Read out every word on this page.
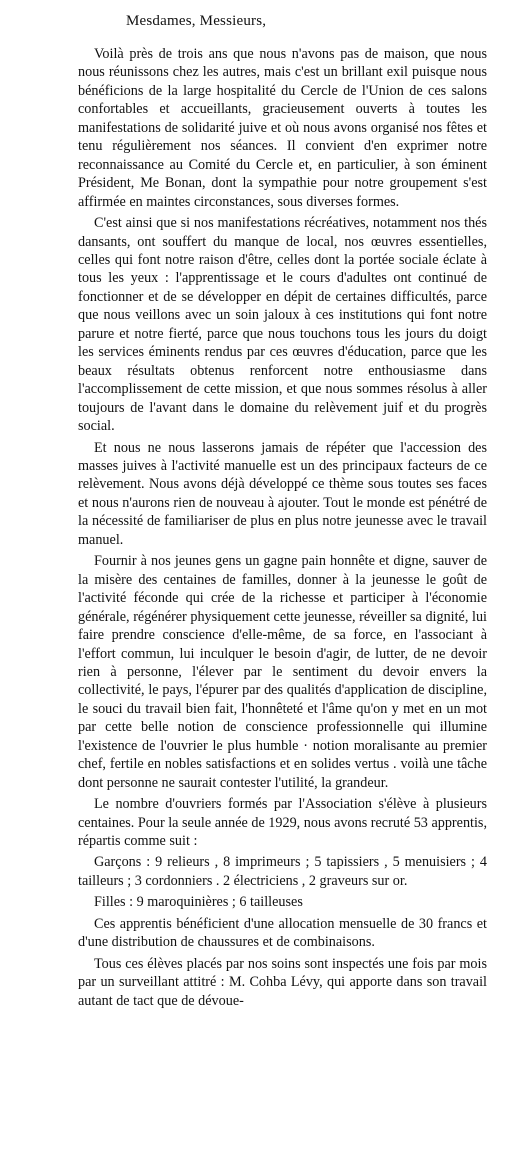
Mesdames, Messieurs,

Voilà près de trois ans que nous n'avons pas de maison, que nous nous réunissons chez les autres, mais c'est un brillant exil puisque nous bénéficions de la large hospitalité du Cercle de l'Union de ces salons confortables et accueillants, gracieusement ouverts à toutes les manifestations de solidarité juive et où nous avons organisé nos fêtes et tenu régulièrement nos séances. Il convient d'en exprimer notre reconnaissance au Comité du Cercle et, en particulier, à son éminent Président, Me Bonan, dont la sympathie pour notre groupement s'est affirmée en maintes circonstances, sous diverses formes.

C'est ainsi que si nos manifestations récréatives, notamment nos thés dansants, ont souffert du manque de local, nos œuvres essentielles, celles qui font notre raison d'être, celles dont la portée sociale éclate à tous les yeux : l'apprentissage et le cours d'adultes ont continué de fonctionner et de se développer en dépit de certaines difficultés, parce que nous veillons avec un soin jaloux à ces institutions qui font notre parure et notre fierté, parce que nous touchons tous les jours du doigt les services éminents rendus par ces œuvres d'éducation, parce que les beaux résultats obtenus renforcent notre enthousiasme dans l'accomplissement de cette mission, et que nous sommes résolus à aller toujours de l'avant dans le domaine du relèvement juif et du progrès social.

Et nous ne nous lasserons jamais de répéter que l'accession des masses juives à l'activité manuelle est un des principaux facteurs de ce relèvement. Nous avons déjà développé ce thème sous toutes ses faces et nous n'aurons rien de nouveau à ajouter. Tout le monde est pénétré de la nécessité de familiariser de plus en plus notre jeunesse avec le travail manuel.

Fournir à nos jeunes gens un gagne pain honnête et digne, sauver de la misère des centaines de familles, donner à la jeunesse le goût de l'activité féconde qui crée de la richesse et participer à l'économie générale, régénérer physiquement cette jeunesse, réveiller sa dignité, lui faire prendre conscience d'elle-même, de sa force, en l'associant à l'effort commun, lui inculquer le besoin d'agir, de lutter, de ne devoir rien à personne, l'élever par le sentiment du devoir envers la collectivité, le pays, l'épurer par des qualités d'application de discipline, le souci du travail bien fait, l'honnêteté et l'âme qu'on y met en un mot par cette belle notion de conscience professionnelle qui illumine l'existence de l'ouvrier le plus humble · notion moralisante au premier chef, fertile en nobles satisfactions et en solides vertus . voilà une tâche dont personne ne saurait contester l'utilité, la grandeur.

Le nombre d'ouvriers formés par l'Association s'élève à plusieurs centaines. Pour la seule année de 1929, nous avons recruté 53 apprentis, répartis comme suit :

Garçons : 9 relieurs , 8 imprimeurs ; 5 tapissiers , 5 menuisiers ; 4 tailleurs ; 3 cordonniers . 2 électriciens , 2 graveurs sur or.

Filles : 9 maroquinières ; 6 tailleuses

Ces apprentis bénéficient d'une allocation mensuelle de 30 francs et d'une distribution de chaussures et de combinaisons.

Tous ces élèves placés par nos soins sont inspectés une fois par mois par un surveillant attitré : M. Cohba Lévy, qui apporte dans son travail autant de tact que de dévoue-
